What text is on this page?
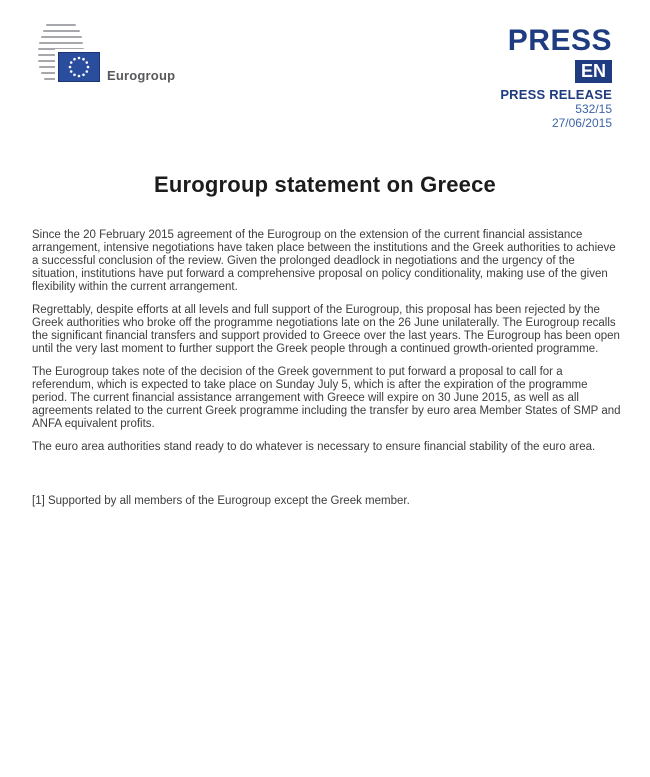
Eurogroup
PRESS
EN
PRESS RELEASE
532/15
27/06/2015
Eurogroup statement on Greece

Since the 20 February 2015 agreement of the Eurogroup on the extension of the current financial assistance arrangement, intensive negotiations have taken place between the institutions and the Greek authorities to achieve a successful conclusion of the review. Given the prolonged deadlock in negotiations and the urgency of the situation, institutions have put forward a comprehensive proposal on policy conditionality, making use of the given flexibility within the current arrangement.

Regrettably, despite efforts at all levels and full support of the Eurogroup, this proposal has been rejected by the Greek authorities who broke off the programme negotiations late on the 26 June unilaterally. The Eurogroup recalls the significant financial transfers and support provided to Greece over the last years. The Eurogroup has been open until the very last moment to further support the Greek people through a continued growth-oriented programme.

The Eurogroup takes note of the decision of the Greek government to put forward a proposal to call for a referendum, which is expected to take place on Sunday July 5, which is after the expiration of the programme period. The current financial assistance arrangement with Greece will expire on 30 June 2015, as well as all agreements related to the current Greek programme including the transfer by euro area Member States of SMP and ANFA equivalent profits.

The euro area authorities stand ready to do whatever is necessary to ensure financial stability of the euro area.

[1] Supported by all members of the Eurogroup except the Greek member.
